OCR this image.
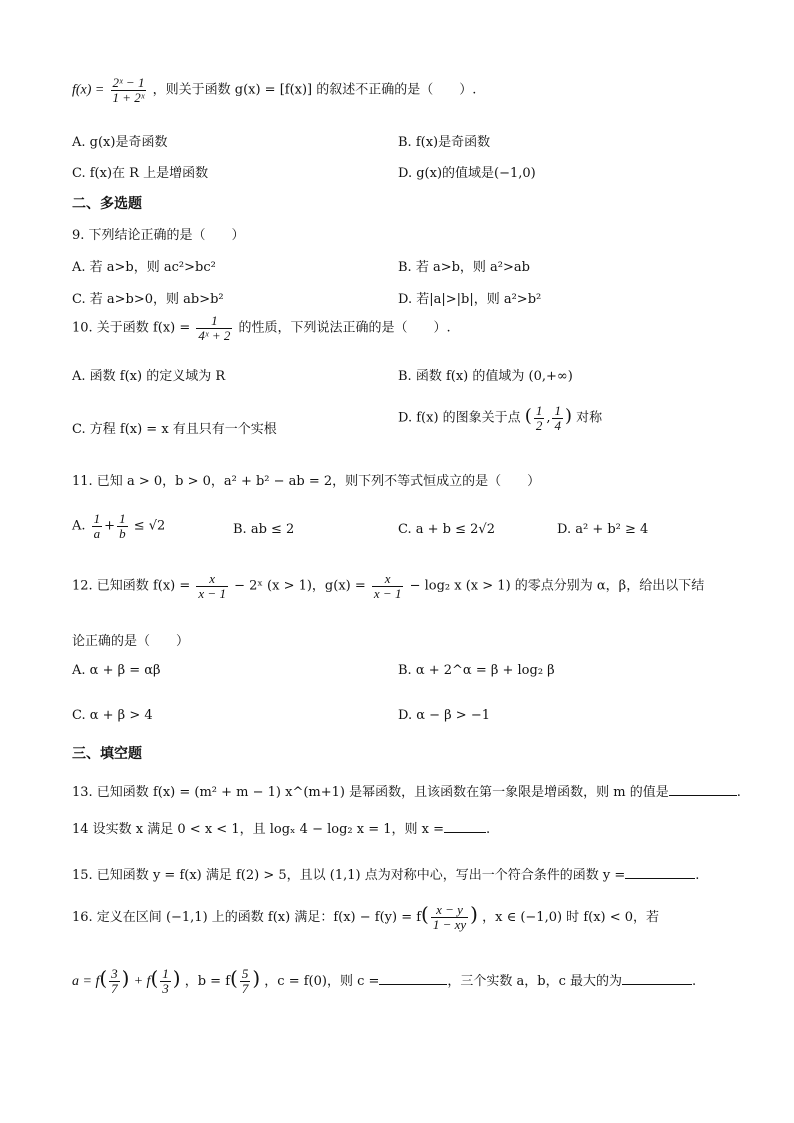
$f(x) = \frac{\text{2ˣ − 1}}{\text{1 + 2ˣ}}$ ，则关于函数 g(x) = [f(x)] 的叙述不正确的是（　　）.
A. g(x)是奇函数	B. f(x)是奇函数
C. f(x)在 R 上是增函数	D. g(x)的值域是(−1,0)
二、多选题
9. 下列结论正确的是（　　）
A. 若 a>b，则 ac²>bc²	B. 若 a>b，则 a²>ab
C. 若 a>b>0，则 ab>b²	D. 若|a|>|b|，则 a²>b²
10. 关于函数 $f(x) = \frac{1}{\text{4ˣ + 2}}$ 的性质，下列说法正确的是（　　）.
A. 函数 f(x) 的定义域为 R	B. 函数 f(x) 的值域为 (0,+∞)
C. 方程 f(x) = x 有且只有一个实根
D. f(x) 的图象关于点 ( $\frac{1}{2}$ , $\frac{1}{4}$ ) 对称
11. 已知 a > 0，b > 0，a² + b² − ab = 2，则下列不等式恒成立的是（　　）
A. $\frac{1}{a} + \frac{1}{b} \le √2$	B. ab ≤ 2	C. a + b ≤ 2√2	D. a² + b² ≥ 4
12. 已知函数 $f(x) = \frac{x}{x - 1}$ − 2ˣ (x > 1)，$g(x) = \frac{x}{x - 1} - \log_2$ x (x > 1) 的零点分别为 α，β，给出以下结
论正确的是（　　）
A. α + β = αβ	B. α + 2^α = β + log₂ β
C. α + β > 4	D. α − β > −1
三、填空题
13. 已知函数 f(x) = (m² + m − 1) x^(m+1) 是幂函数，且该函数在第一象限是增函数，则 m 的值是	.
14 设实数 x 满足 0 < x < 1，且 logₓ 4 − log₂ x = 1，则 x =	.
15. 已知函数 y = f(x) 满足 f(2) > 5，且以 (1,1) 点为对称中心，写出一个符合条件的函数 y =	.
16. 定义在区间 (−1,1) 上的函数 f(x) 满足：$f(x) - f(y) = f( \frac{x - y}{1 - xy}$ ) ，x ∈ (−1,0) 时 f(x) < 0，若
$a = f( \frac{3}{7}$ ) + $f( \frac{1}{3}$ ) ，$b = f( \frac{5}{7}$ ) ，c = f(0)，则 c =	，三个实数 a，b，c 最大的为	.
